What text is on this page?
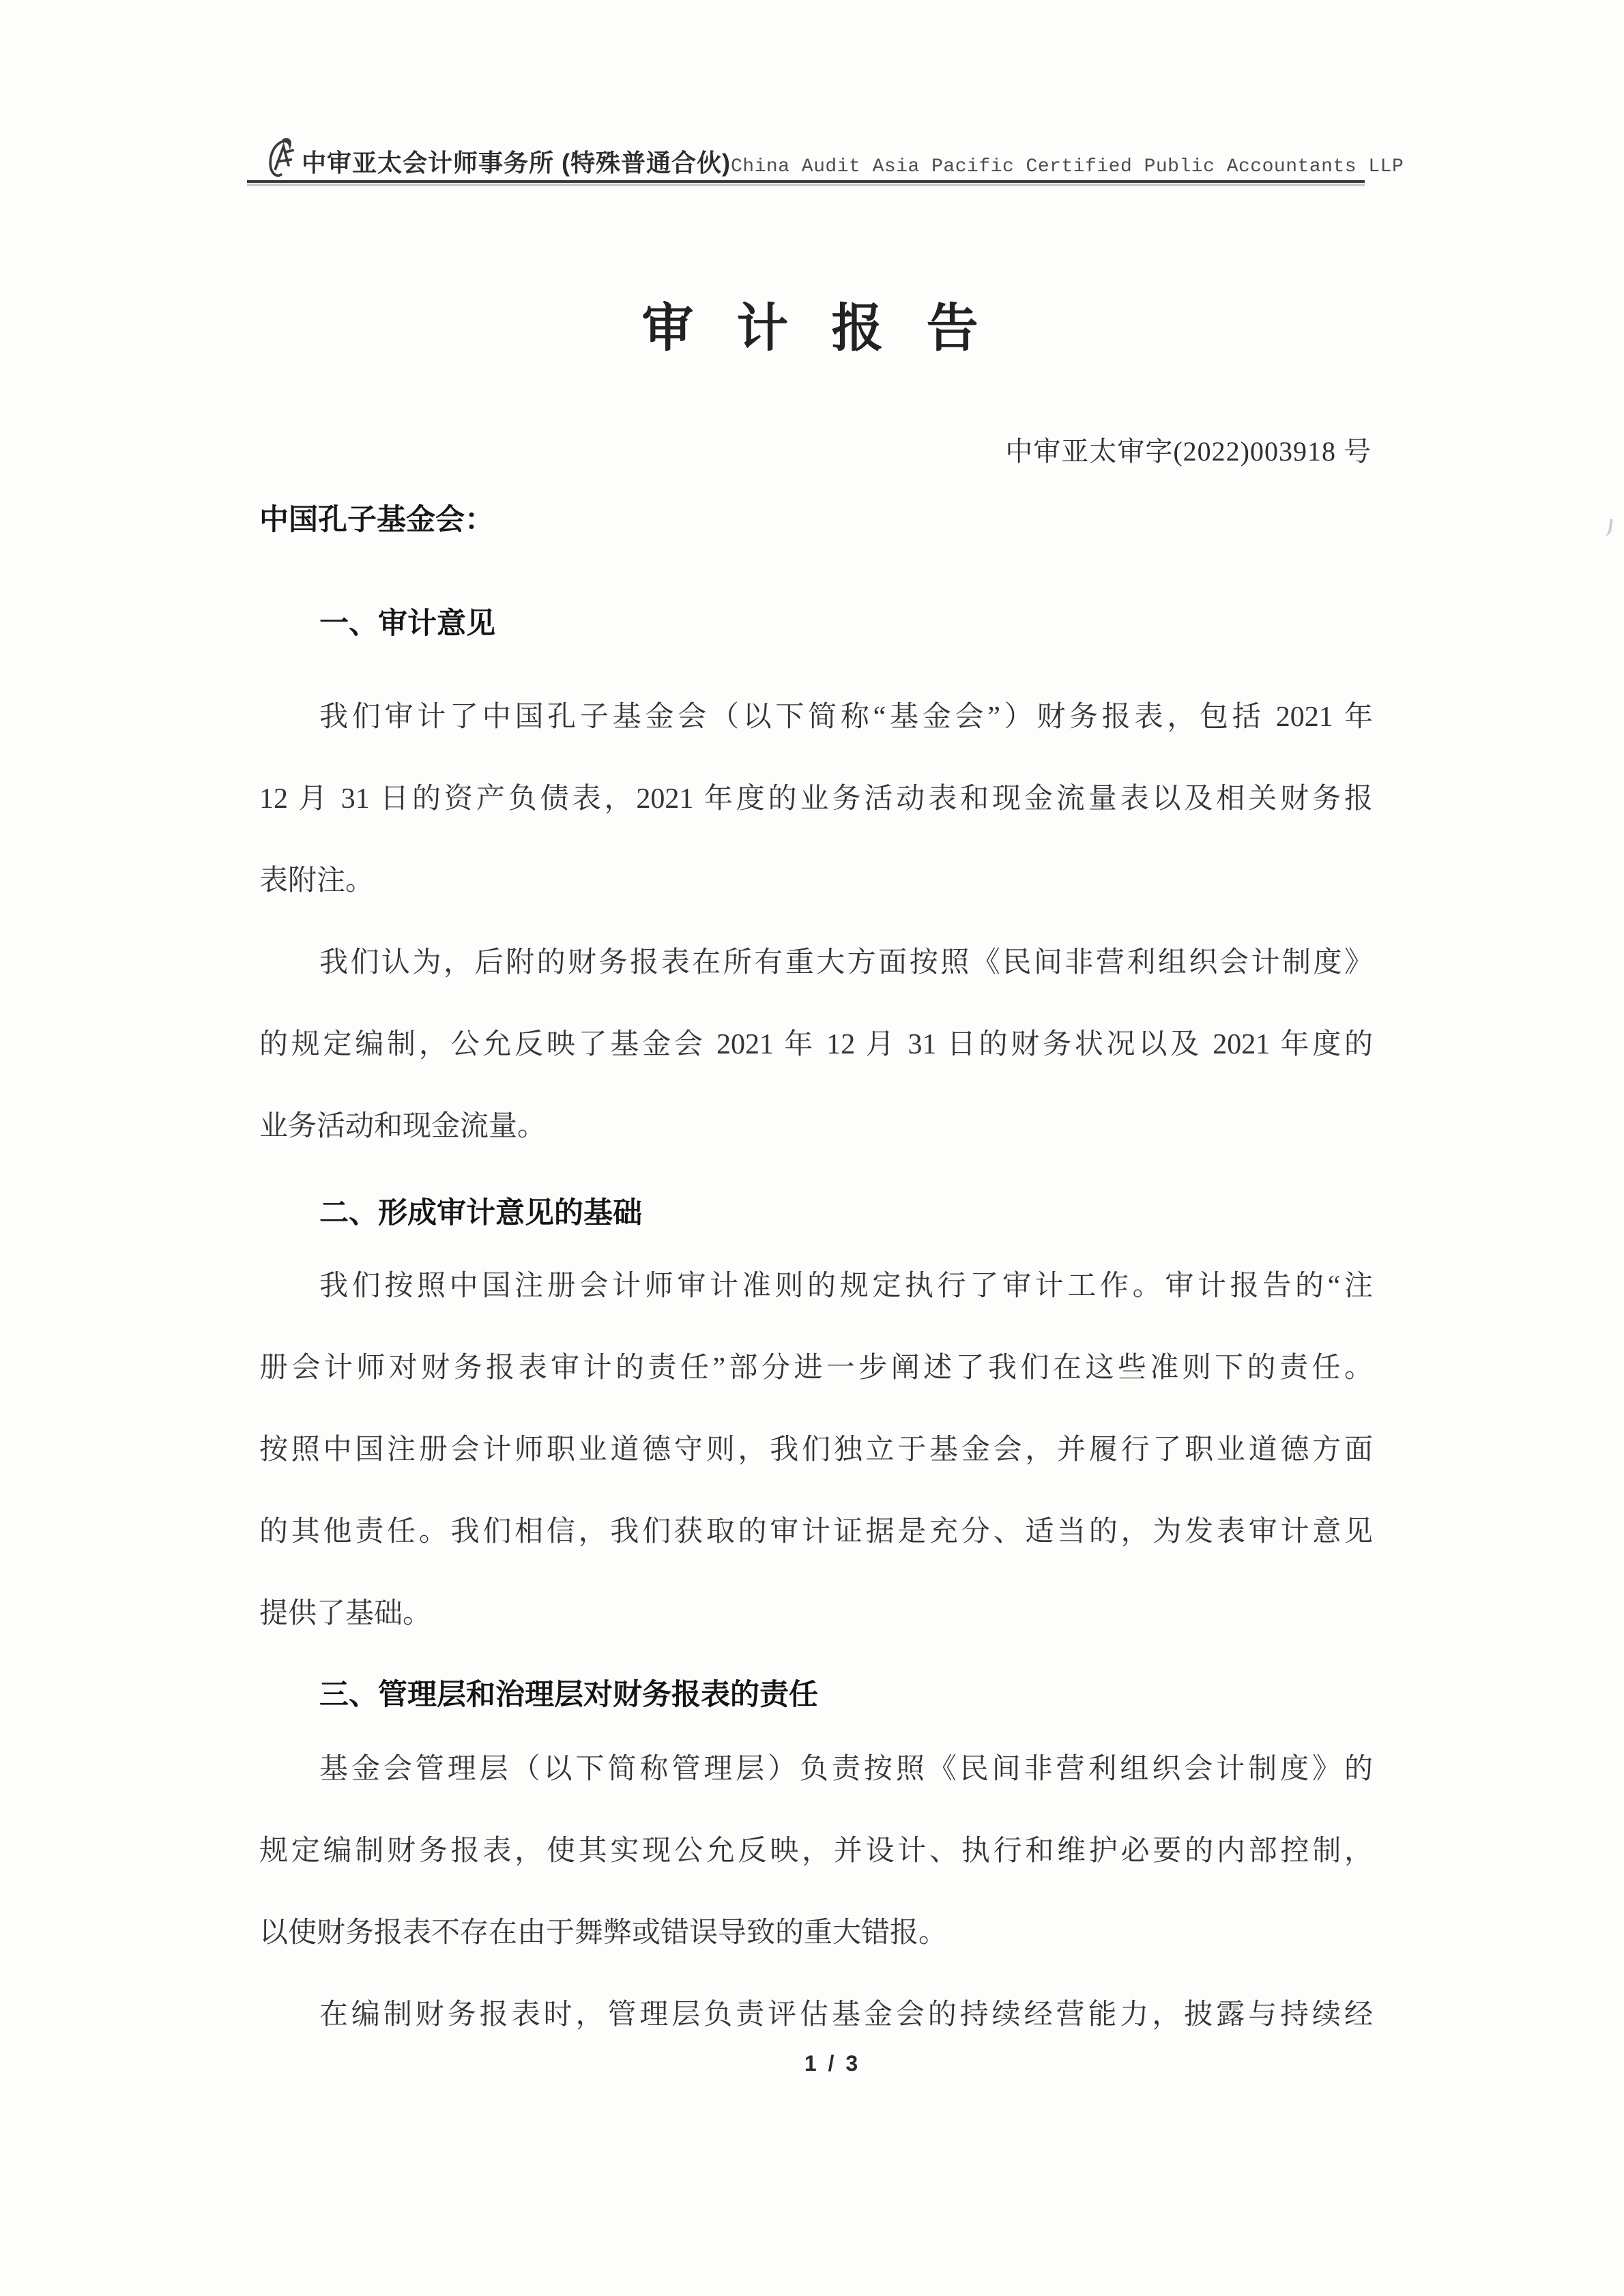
中审亚太会计师事务所 (特殊普通合伙) China Audit Asia Pacific Certified Public Accountants LLP
审 计 报 告
中审亚太审字(2022)003918 号
中国孔子基金会：
一、审计意见
我们审计了中国孔子基金会（以下简称“基金会”）财务报表，包括 2021 年
12 月 31 日的资产负债表，2021 年度的业务活动表和现金流量表以及相关财务报
表附注。
我们认为，后附的财务报表在所有重大方面按照《民间非营利组织会计制度》
的规定编制，公允反映了基金会 2021 年 12 月 31 日的财务状况以及 2021 年度的
业务活动和现金流量。
二、形成审计意见的基础
我们按照中国注册会计师审计准则的规定执行了审计工作。审计报告的“注
册会计师对财务报表审计的责任”部分进一步阐述了我们在这些准则下的责任。
按照中国注册会计师职业道德守则，我们独立于基金会，并履行了职业道德方面
的其他责任。我们相信，我们获取的审计证据是充分、适当的，为发表审计意见
提供了基础。
三、管理层和治理层对财务报表的责任
基金会管理层（以下简称管理层）负责按照《民间非营利组织会计制度》的
规定编制财务报表，使其实现公允反映，并设计、执行和维护必要的内部控制，
以使财务报表不存在由于舞弊或错误导致的重大错报。
在编制财务报表时，管理层负责评估基金会的持续经营能力，披露与持续经
1 / 3
